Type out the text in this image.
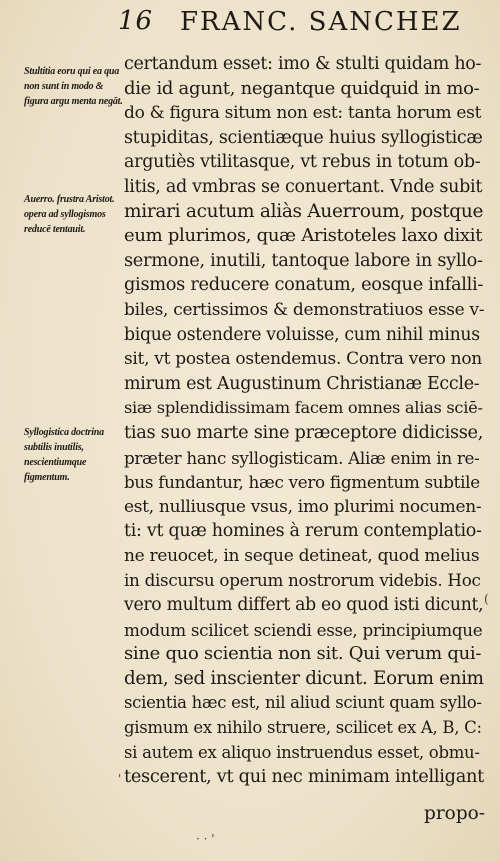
16 FRANC. SANCHEZ
Stultitia eoru qui ea qua non sunt in modo & figura argu menta negāt.
Auerro. frustra Aristot. opera ad syllogismos reducē tentauit.
Syllogistica doctrina subtilis inutilis, nescientiumque figmentum.
certandum esset: imo & stulti quidam ho-
die id agunt, negantque quidquid in mo-
do & figura situm non est: tanta horum est
stupiditas, scientiæque huius syllogisticæ
argutiès vtilitasque, vt rebus in totum ob-
litis, ad vmbras se conuertant. Vnde subit
mirari acutum aliàs Auerroum, postque
eum plurimos, quæ Aristoteles laxo dixit
sermone, inutili, tantoque labore in syllo-
gismos reducere conatum, eosque infalli-
biles, certissimos & demonstratiuos esse v-
bique ostendere voluisse, cum nihil minus
sit, vt postea ostendemus. Contra vero non
mirum est Augustinum Christianæ Eccle-
siæ splendidissimam facem omnes alias sciē-
tias suo marte sine præceptore didicisse,
præter hanc syllogisticam. Aliæ enim in re-
bus fundantur, hæc vero figmentum subtile
est, nulliusque vsus, imo plurimi nocumen-
ti: vt quæ homines à rerum contemplatio-
ne reuocet, in seque detineat, quod melius
in discursu operum nostrorum videbis. Hoc
vero multum differt ab eo quod isti dicunt,
modum scilicet sciendi esse, principiumque
sine quo scientia non sit. Qui verum qui-
dem, sed inscienter dicunt. Eorum enim
scientia hæc est, nil aliud sciunt quam syllo-
gismum ex nihilo struere, scilicet ex A, B, C:
si autem ex aliquo instruendus esset, obmu-
tescerent, vt qui nec minimam intelligant
propo-
(
'
· · '
